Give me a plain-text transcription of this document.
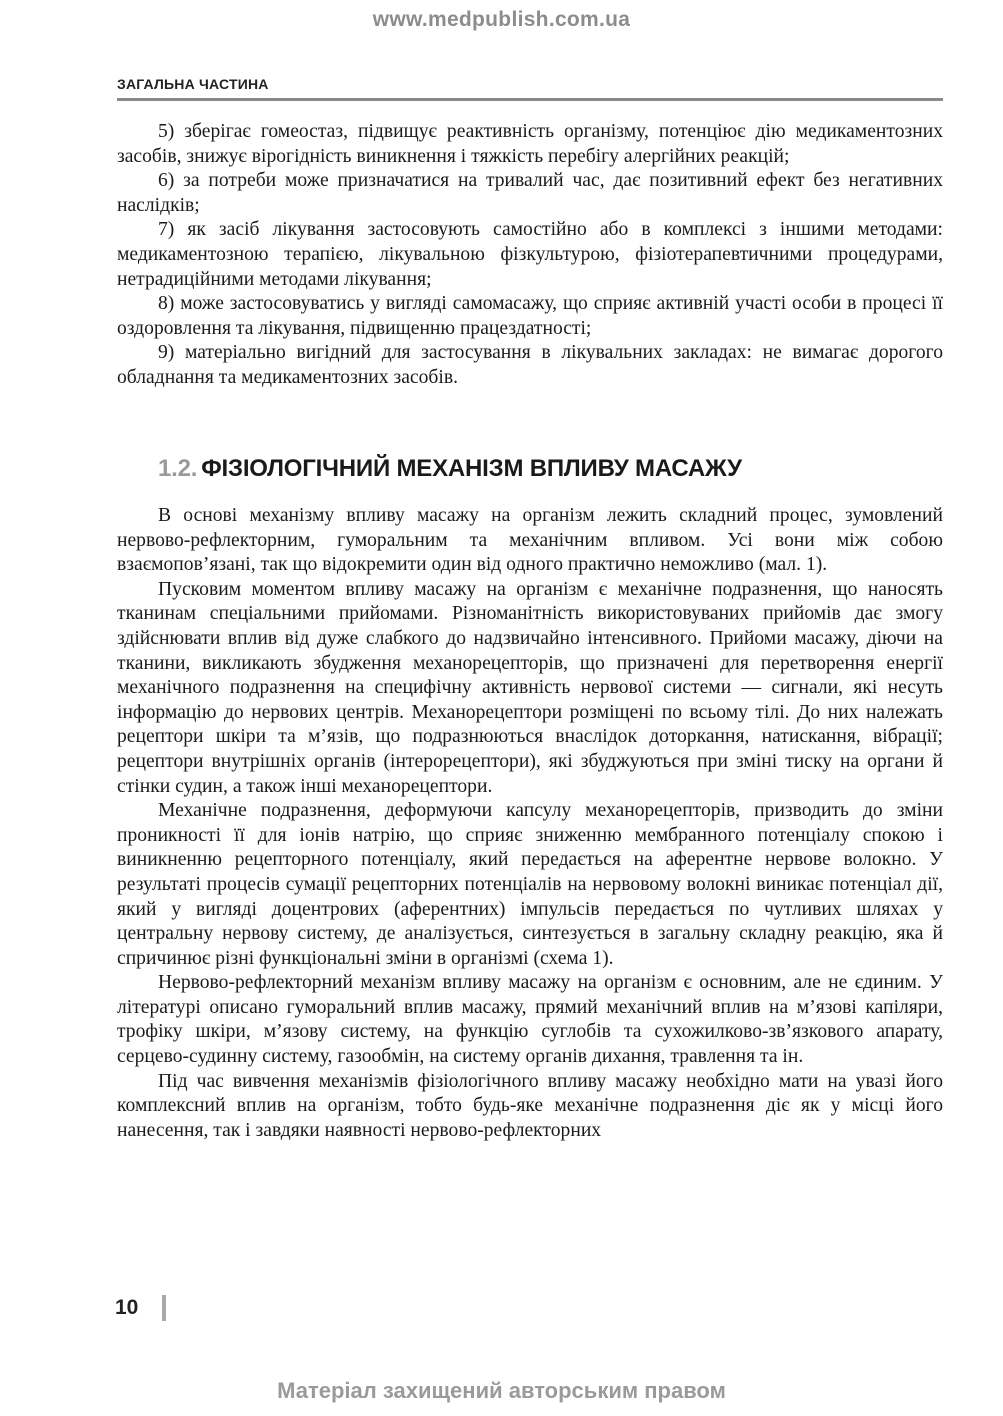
www.medpublish.com.ua
ЗАГАЛЬНА ЧАСТИНА

5) зберігає гомеостаз, підвищує реактивність організму, потенціює дію медикаментозних засобів, знижує вірогідність виникнення і тяжкість перебігу алергійних реакцій;

6) за потреби може призначатися на тривалий час, дає позитивний ефект без негативних наслідків;

7) як засіб лікування застосовують самостійно або в комплексі з іншими методами: медикаментозною терапією, лікувальною фізкультурою, фізіотерапевтичними процедурами, нетрадиційними методами лікування;

8) може застосовуватись у вигляді самомасажу, що сприяє активній участі особи в процесі її оздоровлення та лікування, підвищенню працездатності;

9) матеріально вигідний для застосування в лікувальних закладах: не вимагає дорогого обладнання та медикаментозних засобів.

1.2. ФІЗІОЛОГІЧНИЙ МЕХАНІЗМ ВПЛИВУ МАСАЖУ

В основі механізму впливу масажу на організм лежить складний процес, зумовлений нервово-рефлекторним, гуморальним та механічним впливом. Усі вони між собою взаємопов’язані, так що відокремити один від одного практично неможливо (мал. 1).

Пусковим моментом впливу масажу на організм є механічне подразнення, що наносять тканинам спеціальними прийомами. Різноманітність використовуваних прийомів дає змогу здійснювати вплив від дуже слабкого до надзвичайно інтенсивного. Прийоми масажу, діючи на тканини, викликають збудження механорецепторів, що призначені для перетворення енергії механічного подразнення на специфічну активність нервової системи — сигнали, які несуть інформацію до нервових центрів. Механорецептори розміщені по всьому тілі. До них належать рецептори шкіри та м’язів, що подразнюються внаслідок доторкання, натискання, вібрації; рецептори внутрішніх органів (інтерорецептори), які збуджуються при зміні тиску на органи й стінки судин, а також інші механорецептори.

Механічне подразнення, деформуючи капсулу механорецепторів, призводить до зміни проникності її для іонів натрію, що сприяє зниженню мембранного потенціалу спокою і виникненню рецепторного потенціалу, який передається на аферентне нервове волокно. У результаті процесів сумації рецепторних потенціалів на нервовому волокні виникає потенціал дії, який у вигляді доцентрових (аферентних) імпульсів передається по чутливих шляхах у центральну нервову систему, де аналізується, синтезується в загальну складну реакцію, яка й спричинює різні функціональні зміни в організмі (схема 1).

Нервово-рефлекторний механізм впливу масажу на організм є основним, але не єдиним. У літературі описано гуморальний вплив масажу, прямий механічний вплив на м’язові капіляри, трофіку шкіри, м’язову систему, на функцію суглобів та сухожилково-зв’язкового апарату, серцево-судинну систему, газообмін, на систему органів дихання, травлення та ін.

Під час вивчення механізмів фізіологічного впливу масажу необхідно мати на увазі його комплексний вплив на організм, тобто будь-яке механічне подразнення діє як у місці його нанесення, так і завдяки наявності нервово-рефлекторних

10
Матеріал захищений авторським правом
